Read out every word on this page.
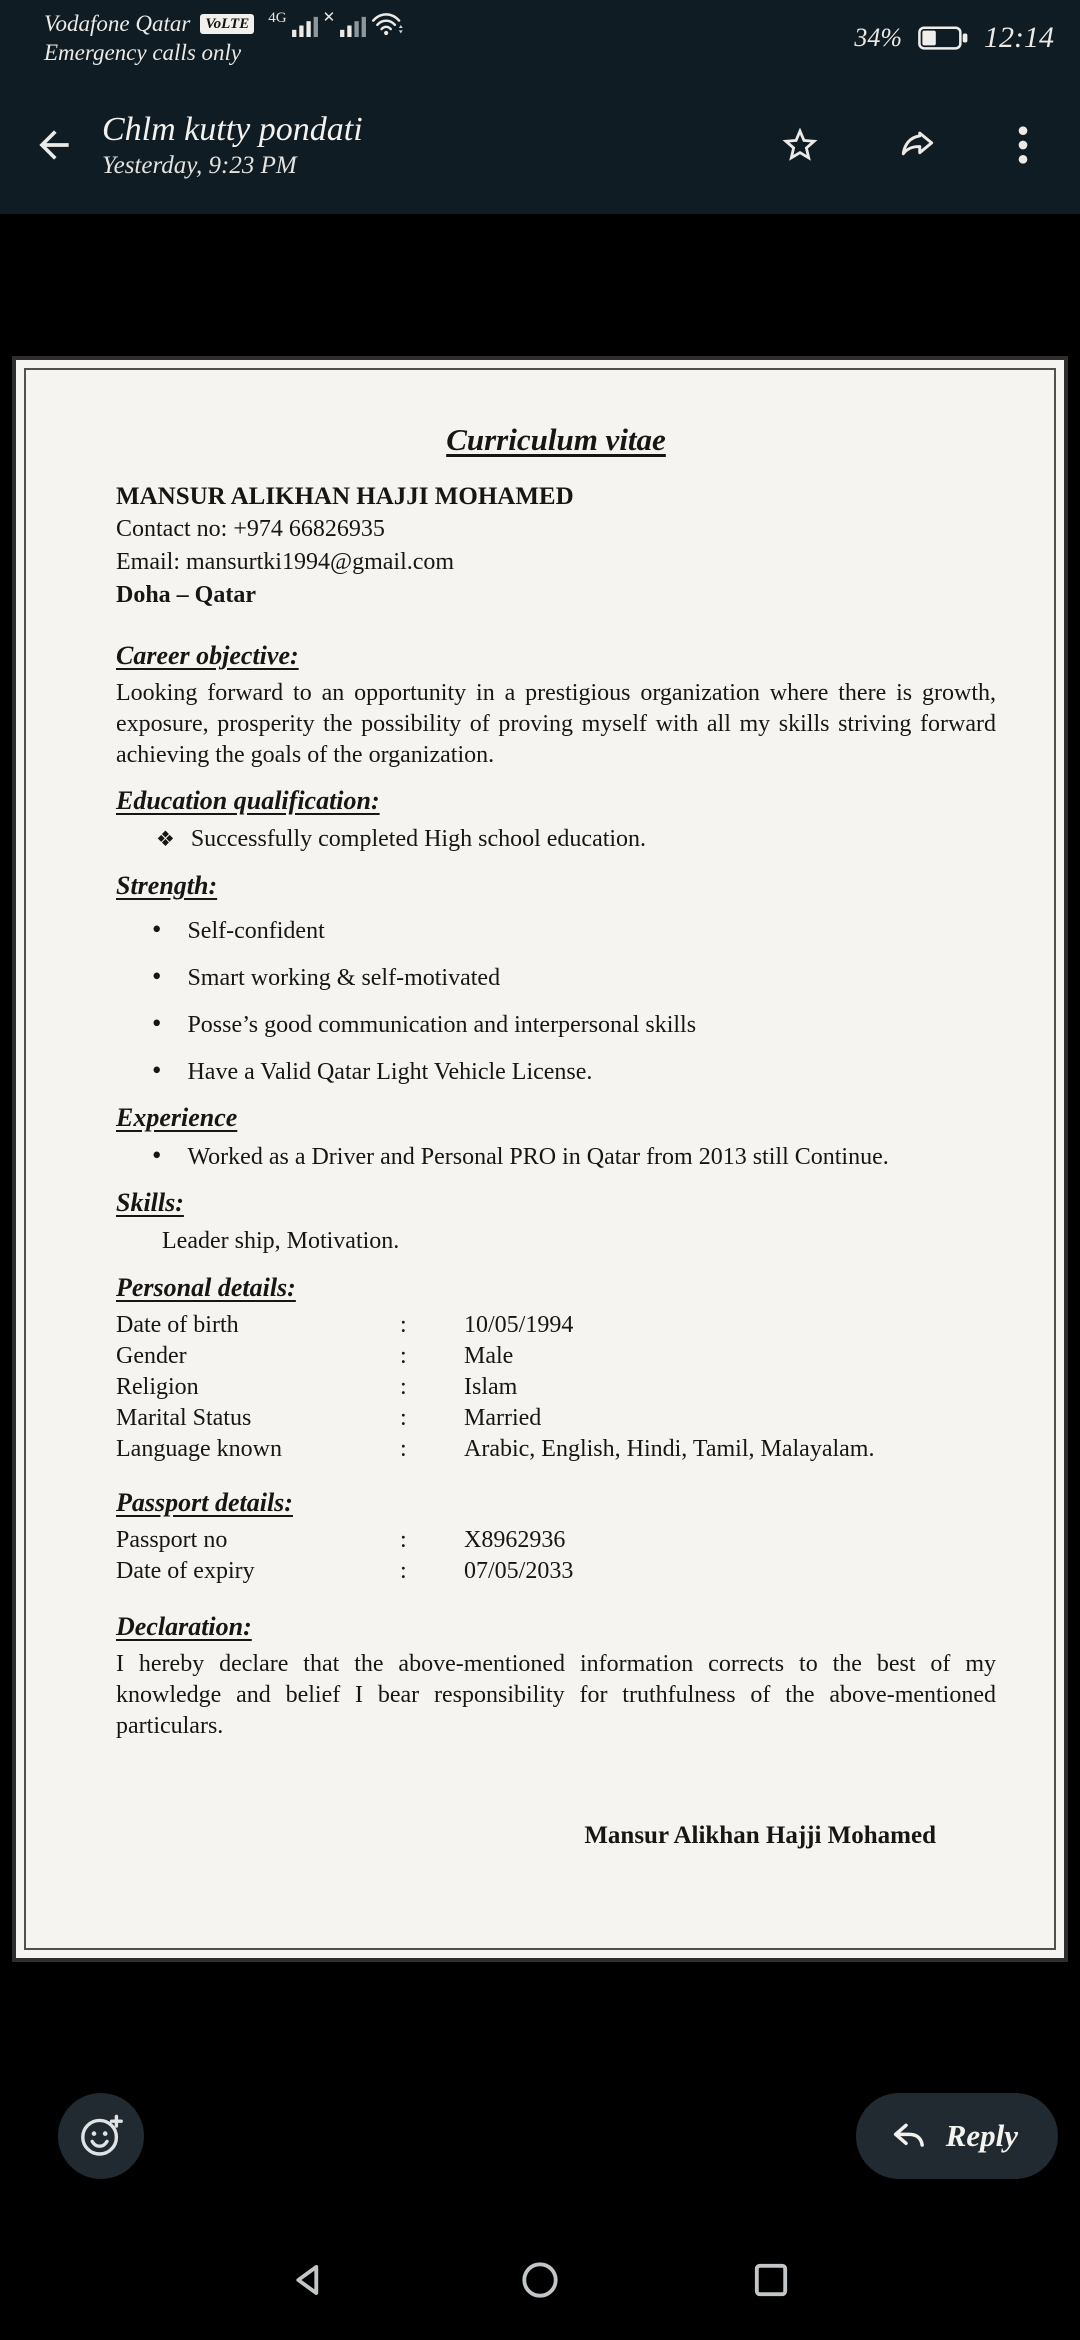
Vodafone Qatar	VoLTE	4G ✕
Emergency calls only	34%	12:14
Chlm kutty pondati
Yesterday, 9:23 PM
Curriculum vitae
MANSUR ALIKHAN HAJJI MOHAMED
Contact no: +974 66826935
Email: mansurtki1994@gmail.com
Doha – Qatar
Career objective:
Looking forward to an opportunity in a prestigious organization where there is growth, exposure, prosperity the possibility of proving myself with all my skills striving forward achieving the goals of the organization.
Education qualification:
❖ Successfully completed High school education.
Strength:
• Self-confident
• Smart working & self-motivated
• Posse’s good communication and interpersonal skills
• Have a Valid Qatar Light Vehicle License.
Experience
• Worked as a Driver and Personal PRO in Qatar from 2013 still Continue.
Skills:
Leader ship, Motivation.
Personal details:
Date of birth	:	10/05/1994
Gender	:	Male
Religion	:	Islam
Marital Status	:	Married
Language known	:	Arabic, English, Hindi, Tamil, Malayalam.
Passport details:
Passport no	:	X8962936
Date of expiry	:	07/05/2033
Declaration:
I hereby declare that the above-mentioned information corrects to the best of my knowledge and belief I bear responsibility for truthfulness of the above-mentioned particulars.
Mansur Alikhan Hajji Mohamed
Reply
